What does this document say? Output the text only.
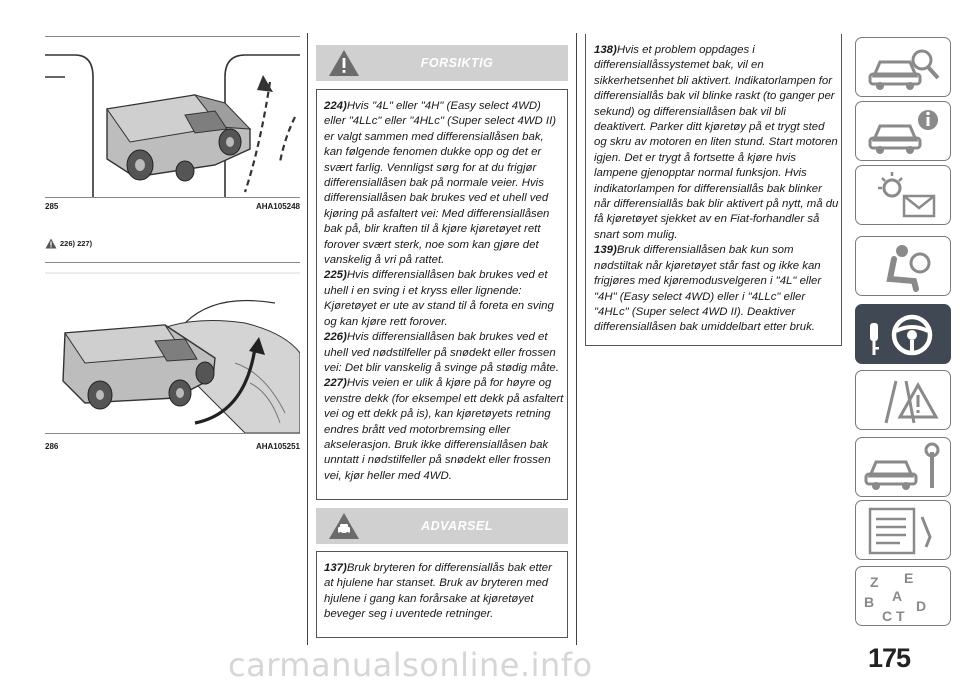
285	AHA105248
226) 227)
286	AHA105251
FORSIKTIG

224)Hvis "4L" eller "4H" (Easy select 4WD) eller "4LLc" eller "4HLc" (Super select 4WD II) er valgt sammen med differensiallåsen bak, kan følgende fenomen dukke opp og det er svært farlig. Vennligst sørg for at du frigjør differensiallåsen bak på normale veier. Hvis differensiallåsen bak brukes ved et uhell ved kjøring på asfaltert vei: Med differensiallåsen bak på, blir kraften til å kjøre kjøretøyet rett forover svært sterk, noe som kan gjøre det vanskelig å vri på rattet.

225)Hvis differensiallåsen bak brukes ved et uhell i en sving i et kryss eller lignende: Kjøretøyet er ute av stand til å foreta en sving og kan kjøre rett forover.

226)Hvis differensiallåsen bak brukes ved et uhell ved nødstilfeller på snødekt eller frossen vei: Det blir vanskelig å svinge på stødig måte.

227)Hvis veien er ulik å kjøre på for høyre og venstre dekk (for eksempel ett dekk på asfaltert vei og ett dekk på is), kan kjøretøyets retning endres brått ved motorbremsing eller akselerasjon. Bruk ikke differensiallåsen bak unntatt i nødstilfeller på snødekt eller frossen vei, kjør heller med 4WD.

ADVARSEL

137)Bruk bryteren for differensiallås bak etter at hjulene har stanset. Bruk av bryteren med hjulene i gang kan forårsake at kjøretøyet beveger seg i uventede retninger.

138)Hvis et problem oppdages i differensiallåssystemet bak, vil en sikkerhetsenhet bli aktivert. Indikatorlampen for differensiallås bak vil blinke raskt (to ganger per sekund) og differensiallåsen bak vil bli deaktivert. Parker ditt kjøretøy på et trygt sted og skru av motoren en liten stund. Start motoren igjen. Det er trygt å fortsette å kjøre hvis lampene gjenopptar normal funksjon. Hvis indikatorlampen for differensiallås bak blinker når differensiallås bak blir aktivert på nytt, må du få kjøretøyet sjekket av en Fiat-forhandler så snart som mulig.

139)Bruk differensiallåsen bak kun som nødstiltak når kjøretøyet står fast og ikke kan frigjøres med kjøremodusvelgeren i "4L" eller "4H" (Easy select 4WD) eller i "4LLc" eller "4HLc" (Super select 4WD II). Deaktiver differensiallåsen bak umiddelbart etter bruk.

Z E
B A
C T
D
175
carmanualsonline.info
